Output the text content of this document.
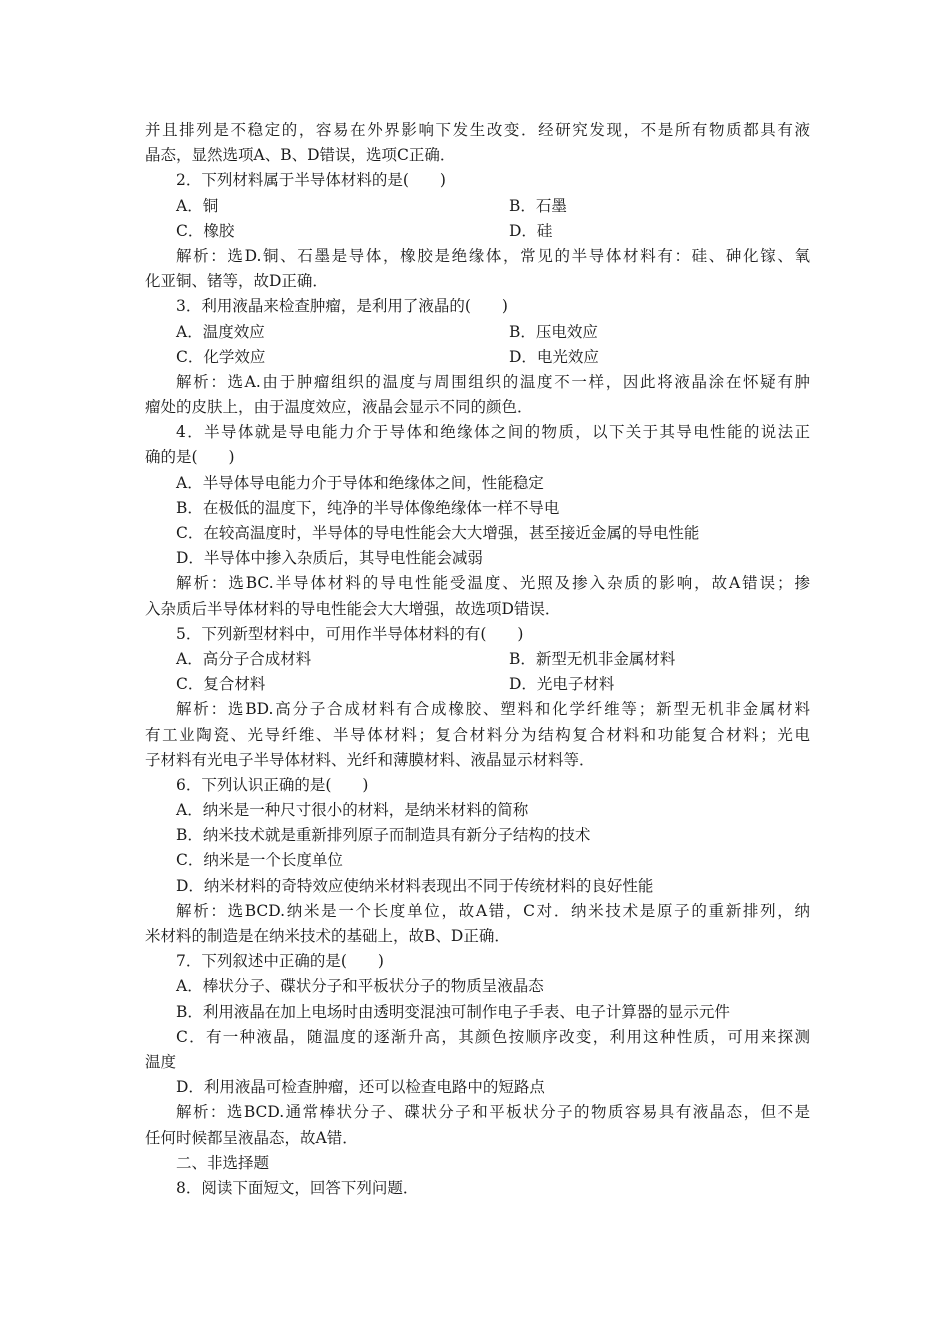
并且排列是不稳定的，容易在外界影响下发生改变．经研究发现，不是所有物质都具有液
晶态，显然选项A、B、D错误，选项C正确．
2．下列材料属于半导体材料的是(　　)
A．铜	B．石墨
C．橡胶	D．硅
解析：选D.铜、石墨是导体，橡胶是绝缘体，常见的半导体材料有：硅、砷化镓、氧
化亚铜、锗等，故D正确．
3．利用液晶来检查肿瘤，是利用了液晶的(　　)
A．温度效应	B．压电效应
C．化学效应	D．电光效应
解析：选A.由于肿瘤组织的温度与周围组织的温度不一样，因此将液晶涂在怀疑有肿
瘤处的皮肤上，由于温度效应，液晶会显示不同的颜色．
4．半导体就是导电能力介于导体和绝缘体之间的物质，以下关于其导电性能的说法正
确的是(　　)
A．半导体导电能力介于导体和绝缘体之间，性能稳定
B．在极低的温度下，纯净的半导体像绝缘体一样不导电
C．在较高温度时，半导体的导电性能会大大增强，甚至接近金属的导电性能
D．半导体中掺入杂质后，其导电性能会减弱
解析：选BC.半导体材料的导电性能受温度、光照及掺入杂质的影响，故A错误；掺
入杂质后半导体材料的导电性能会大大增强，故选项D错误．
5．下列新型材料中，可用作半导体材料的有(　　)
A．高分子合成材料	B．新型无机非金属材料
C．复合材料	D．光电子材料
解析：选BD.高分子合成材料有合成橡胶、塑料和化学纤维等；新型无机非金属材料
有工业陶瓷、光导纤维、半导体材料；复合材料分为结构复合材料和功能复合材料；光电
子材料有光电子半导体材料、光纤和薄膜材料、液晶显示材料等．
6．下列认识正确的是(　　)
A．纳米是一种尺寸很小的材料，是纳米材料的简称
B．纳米技术就是重新排列原子而制造具有新分子结构的技术
C．纳米是一个长度单位
D．纳米材料的奇特效应使纳米材料表现出不同于传统材料的良好性能
解析：选BCD.纳米是一个长度单位，故A错，C对．纳米技术是原子的重新排列，纳
米材料的制造是在纳米技术的基础上，故B、D正确．
7．下列叙述中正确的是(　　)
A．棒状分子、碟状分子和平板状分子的物质呈液晶态
B．利用液晶在加上电场时由透明变混浊可制作电子手表、电子计算器的显示元件
C．有一种液晶，随温度的逐渐升高，其颜色按顺序改变，利用这种性质，可用来探测
温度
D．利用液晶可检查肿瘤，还可以检查电路中的短路点
解析：选BCD.通常棒状分子、碟状分子和平板状分子的物质容易具有液晶态，但不是
任何时候都呈液晶态，故A错．
二、非选择题
8．阅读下面短文，回答下列问题．
